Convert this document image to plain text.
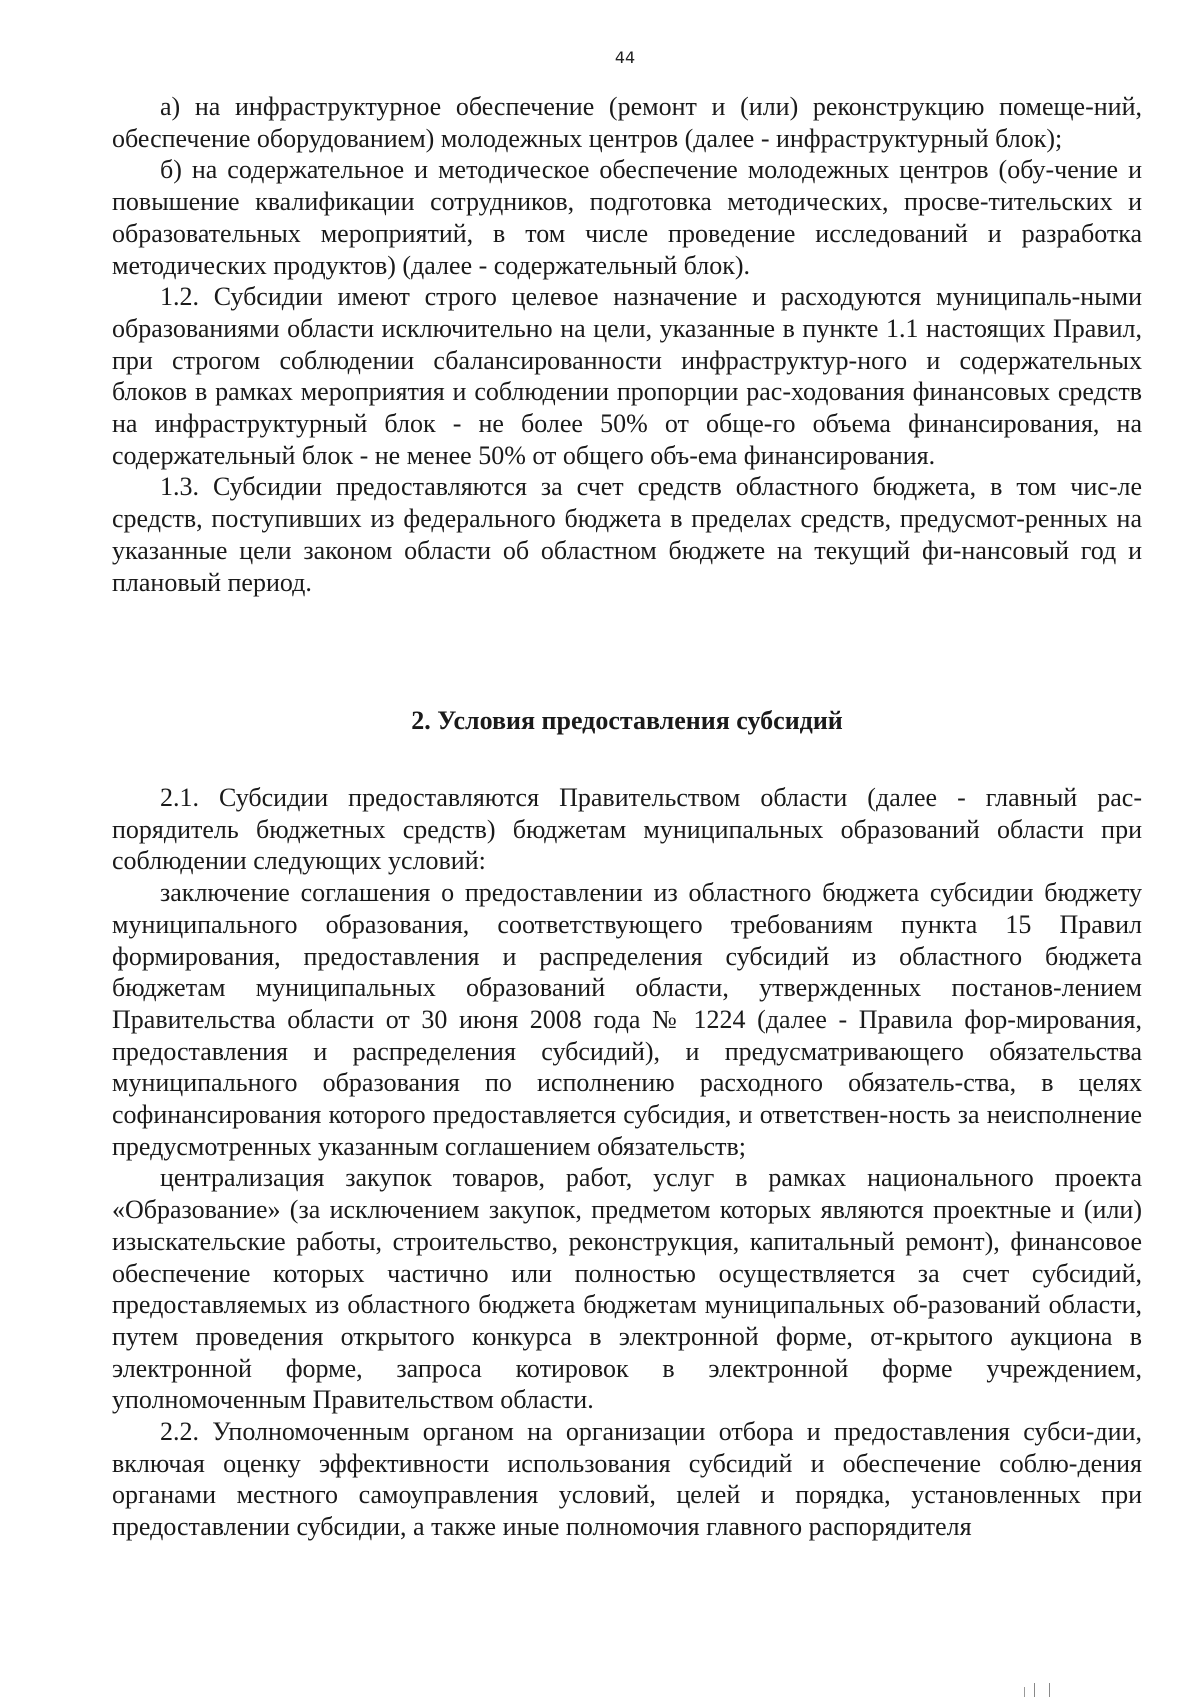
44

а) на инфраструктурное обеспечение (ремонт и (или) реконструкцию помеще-ний, обеспечение оборудованием) молодежных центров (далее - инфраструктурный блок);

б) на содержательное и методическое обеспечение молодежных центров (обу-чение и повышение квалификации сотрудников, подготовка методических, просве-тительских и образовательных мероприятий, в том числе проведение исследований и разработка методических продуктов) (далее - содержательный блок).

1.2. Субсидии имеют строго целевое назначение и расходуются муниципаль-ными образованиями области исключительно на цели, указанные в пункте 1.1 настоящих Правил, при строгом соблюдении сбалансированности инфраструктур-ного и содержательных блоков в рамках мероприятия и соблюдении пропорции рас-ходования финансовых средств на инфраструктурный блок - не более 50% от обще-го объема финансирования, на содержательный блок - не менее 50% от общего объ-ема финансирования.

1.3. Субсидии предоставляются за счет средств областного бюджета, в том чис-ле средств, поступивших из федерального бюджета в пределах средств, предусмот-ренных на указанные цели законом области об областном бюджете на текущий фи-нансовый год и плановый период.

2. Условия предоставления субсидий

2.1. Субсидии предоставляются Правительством области (далее - главный рас-порядитель бюджетных средств) бюджетам муниципальных образований области при соблюдении следующих условий:

заключение соглашения о предоставлении из областного бюджета субсидии бюджету муниципального образования, соответствующего требованиям пункта 15 Правил формирования, предоставления и распределения субсидий из областного бюджета бюджетам муниципальных образований области, утвержденных постанов-лением Правительства области от 30 июня 2008 года № 1224 (далее - Правила фор-мирования, предоставления и распределения субсидий), и предусматривающего обязательства муниципального образования по исполнению расходного обязатель-ства, в целях софинансирования которого предоставляется субсидия, и ответствен-ность за неисполнение предусмотренных указанным соглашением обязательств;

централизация закупок товаров, работ, услуг в рамках национального проекта «Образование» (за исключением закупок, предметом которых являются проектные и (или) изыскательские работы, строительство, реконструкция, капитальный ремонт), финансовое обеспечение которых частично или полностью осуществляется за счет субсидий, предоставляемых из областного бюджета бюджетам муниципальных об-разований области, путем проведения открытого конкурса в электронной форме, от-крытого аукциона в электронной форме, запроса котировок в электронной форме учреждением, уполномоченным Правительством области.

2.2. Уполномоченным органом на организации отбора и предоставления субси-дии, включая оценку эффективности использования субсидий и обеспечение соблю-дения органами местного самоуправления условий, целей и порядка, установленных при предоставлении субсидии, а также иные полномочия главного распорядителя
